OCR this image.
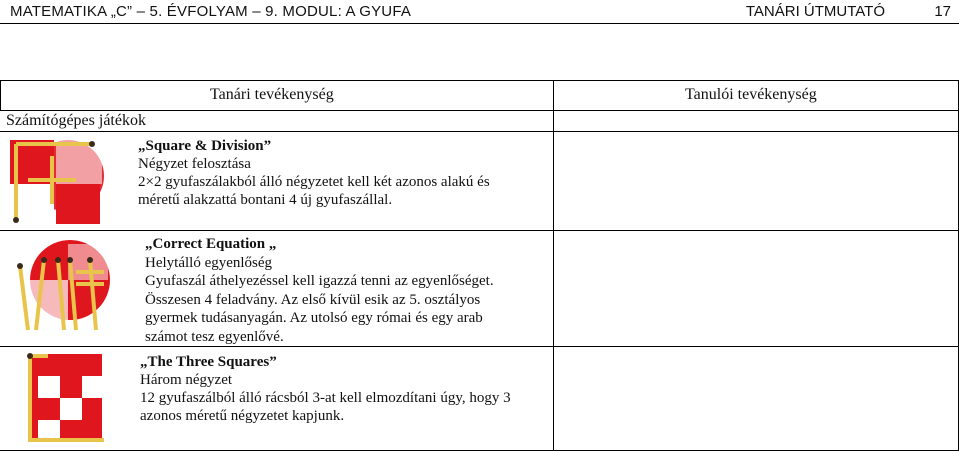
MATEMATIKA „C” – 5. ÉVFOLYAM – 9. MODUL: A GYUFA	TANÁRI ÚTMUTATÓ	17
Tanári tevékenység	Tanulói tevékenység
Számítógépes játékok
„Square & Division”
Négyzet felosztása
2×2 gyufaszálakból álló négyzetet kell két azonos alakú és
méretű alakzattá bontani 4 új gyufaszállal.
„Correct Equation „
Helytálló egyenlőség
Gyufaszál áthelyezéssel kell igazzá tenni az egyenlőséget.
Összesen 4 feladvány. Az első kívül esik az 5. osztályos
gyermek tudásanyagán. Az utolsó egy római és egy arab
számot tesz egyenlővé.
„The Three Squares”
Három négyzet
12 gyufaszálból álló rácsból 3-at kell elmozdítani úgy, hogy 3
azonos méretű négyzetet kapjunk.
